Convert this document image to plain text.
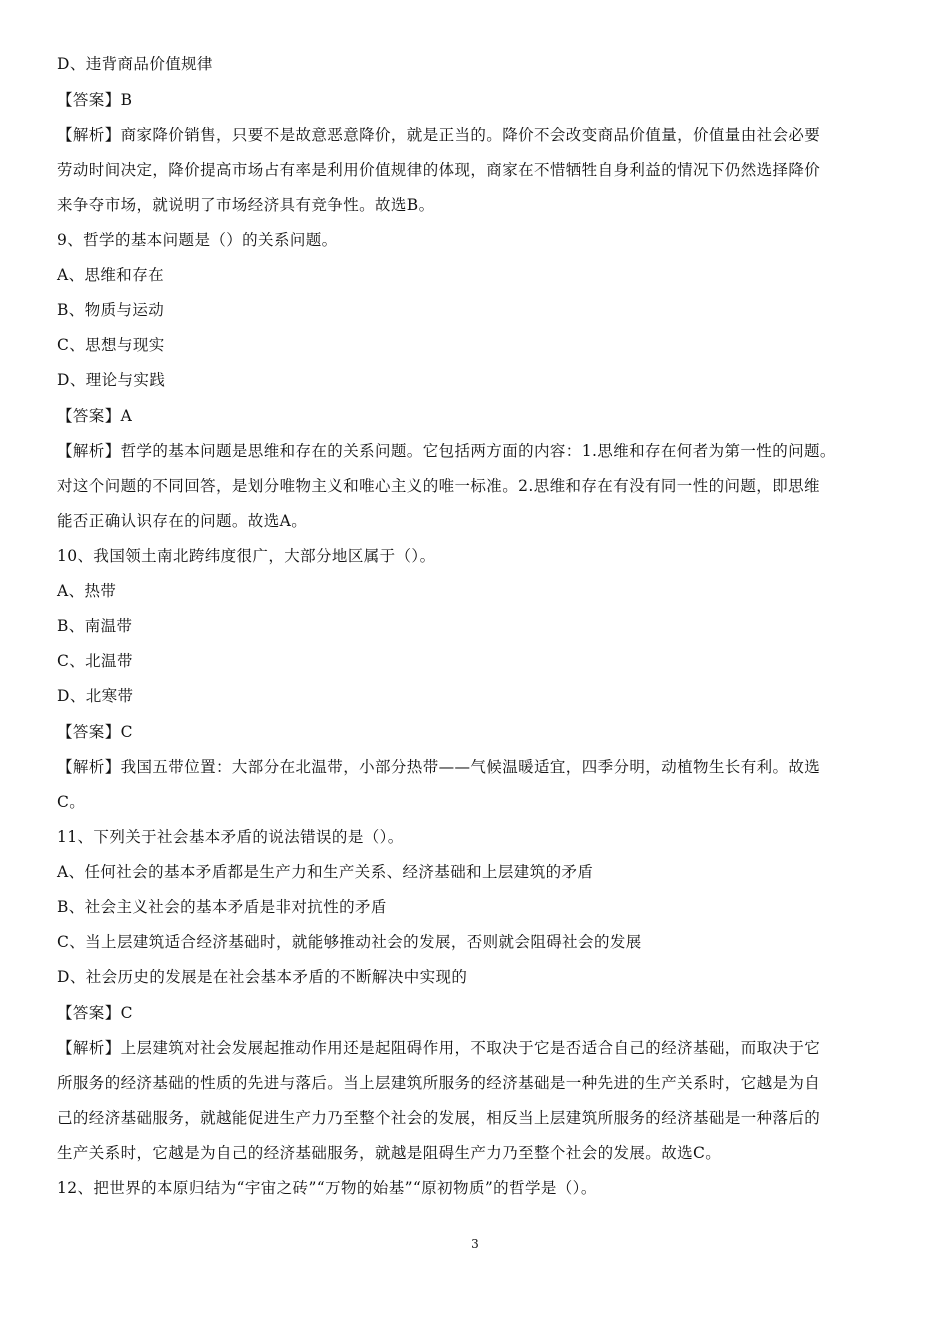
D、违背商品价值规律
【答案】B
【解析】商家降价销售，只要不是故意恶意降价，就是正当的。降价不会改变商品价值量，价值量由社会必要
劳动时间决定，降价提高市场占有率是利用价值规律的体现，商家在不惜牺牲自身利益的情况下仍然选择降价
来争夺市场，就说明了市场经济具有竞争性。故选B。
9、哲学的基本问题是（）的关系问题。
A、思维和存在
B、物质与运动
C、思想与现实
D、理论与实践
【答案】A
【解析】哲学的基本问题是思维和存在的关系问题。它包括两方面的内容：1.思维和存在何者为第一性的问题。
对这个问题的不同回答，是划分唯物主义和唯心主义的唯一标准。2.思维和存在有没有同一性的问题，即思维
能否正确认识存在的问题。故选A。
10、我国领土南北跨纬度很广，大部分地区属于（）。
A、热带
B、南温带
C、北温带
D、北寒带
【答案】C
【解析】我国五带位置：大部分在北温带，小部分热带——气候温暖适宜，四季分明，动植物生长有利。故选
C。
11、下列关于社会基本矛盾的说法错误的是（）。
A、任何社会的基本矛盾都是生产力和生产关系、经济基础和上层建筑的矛盾
B、社会主义社会的基本矛盾是非对抗性的矛盾
C、当上层建筑适合经济基础时，就能够推动社会的发展，否则就会阻碍社会的发展
D、社会历史的发展是在社会基本矛盾的不断解决中实现的
【答案】C
【解析】上层建筑对社会发展起推动作用还是起阻碍作用，不取决于它是否适合自己的经济基础，而取决于它
所服务的经济基础的性质的先进与落后。当上层建筑所服务的经济基础是一种先进的生产关系时，它越是为自
己的经济基础服务，就越能促进生产力乃至整个社会的发展，相反当上层建筑所服务的经济基础是一种落后的
生产关系时，它越是为自己的经济基础服务，就越是阻碍生产力乃至整个社会的发展。故选C。
12、把世界的本原归结为“宇宙之砖”“万物的始基”“原初物质”的哲学是（）。
3
